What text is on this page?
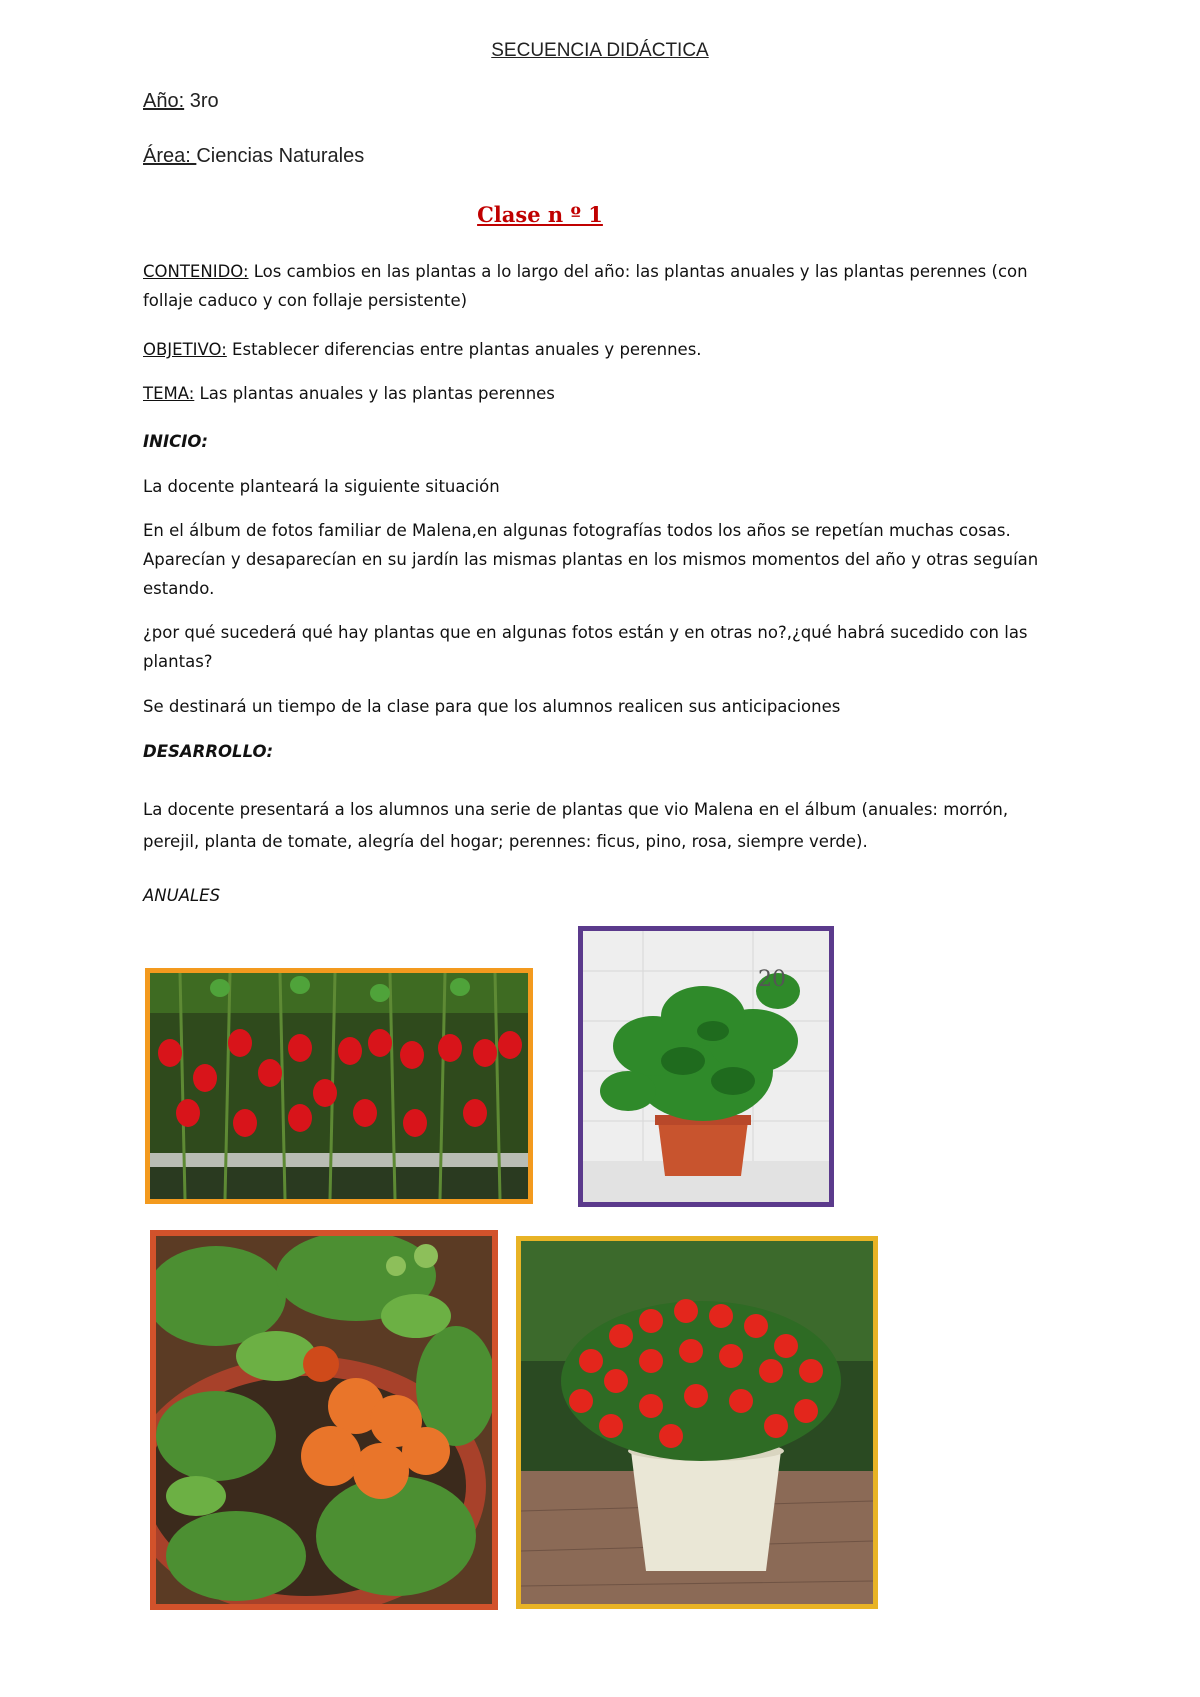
SECUENCIA DIDÁCTICA
Año: 3ro
Área: Ciencias Naturales
Clase n º 1
CONTENIDO: Los cambios en las plantas a lo largo del año: las plantas anuales y las plantas perennes (con follaje caduco y con follaje persistente)
OBJETIVO: Establecer diferencias entre plantas anuales y perennes.
TEMA: Las plantas anuales y las plantas perennes
INICIO:
La docente planteará la siguiente situación
En el álbum de fotos familiar de Malena,en algunas fotografías todos los años se repetían muchas cosas. Aparecían y desaparecían en su jardín las mismas plantas en los mismos momentos del año y otras seguían estando.
¿por qué sucederá qué hay plantas que en algunas fotos están y en otras no?,¿qué habrá sucedido con las plantas?
Se destinará un tiempo de la clase para que los alumnos realicen sus anticipaciones
DESARROLLO:
La docente presentará a los alumnos una serie de plantas que vio Malena en el álbum (anuales: morrón, perejil, planta de tomate, alegría del hogar; perennes: ficus, pino, rosa, siempre verde).
ANUALES
20
